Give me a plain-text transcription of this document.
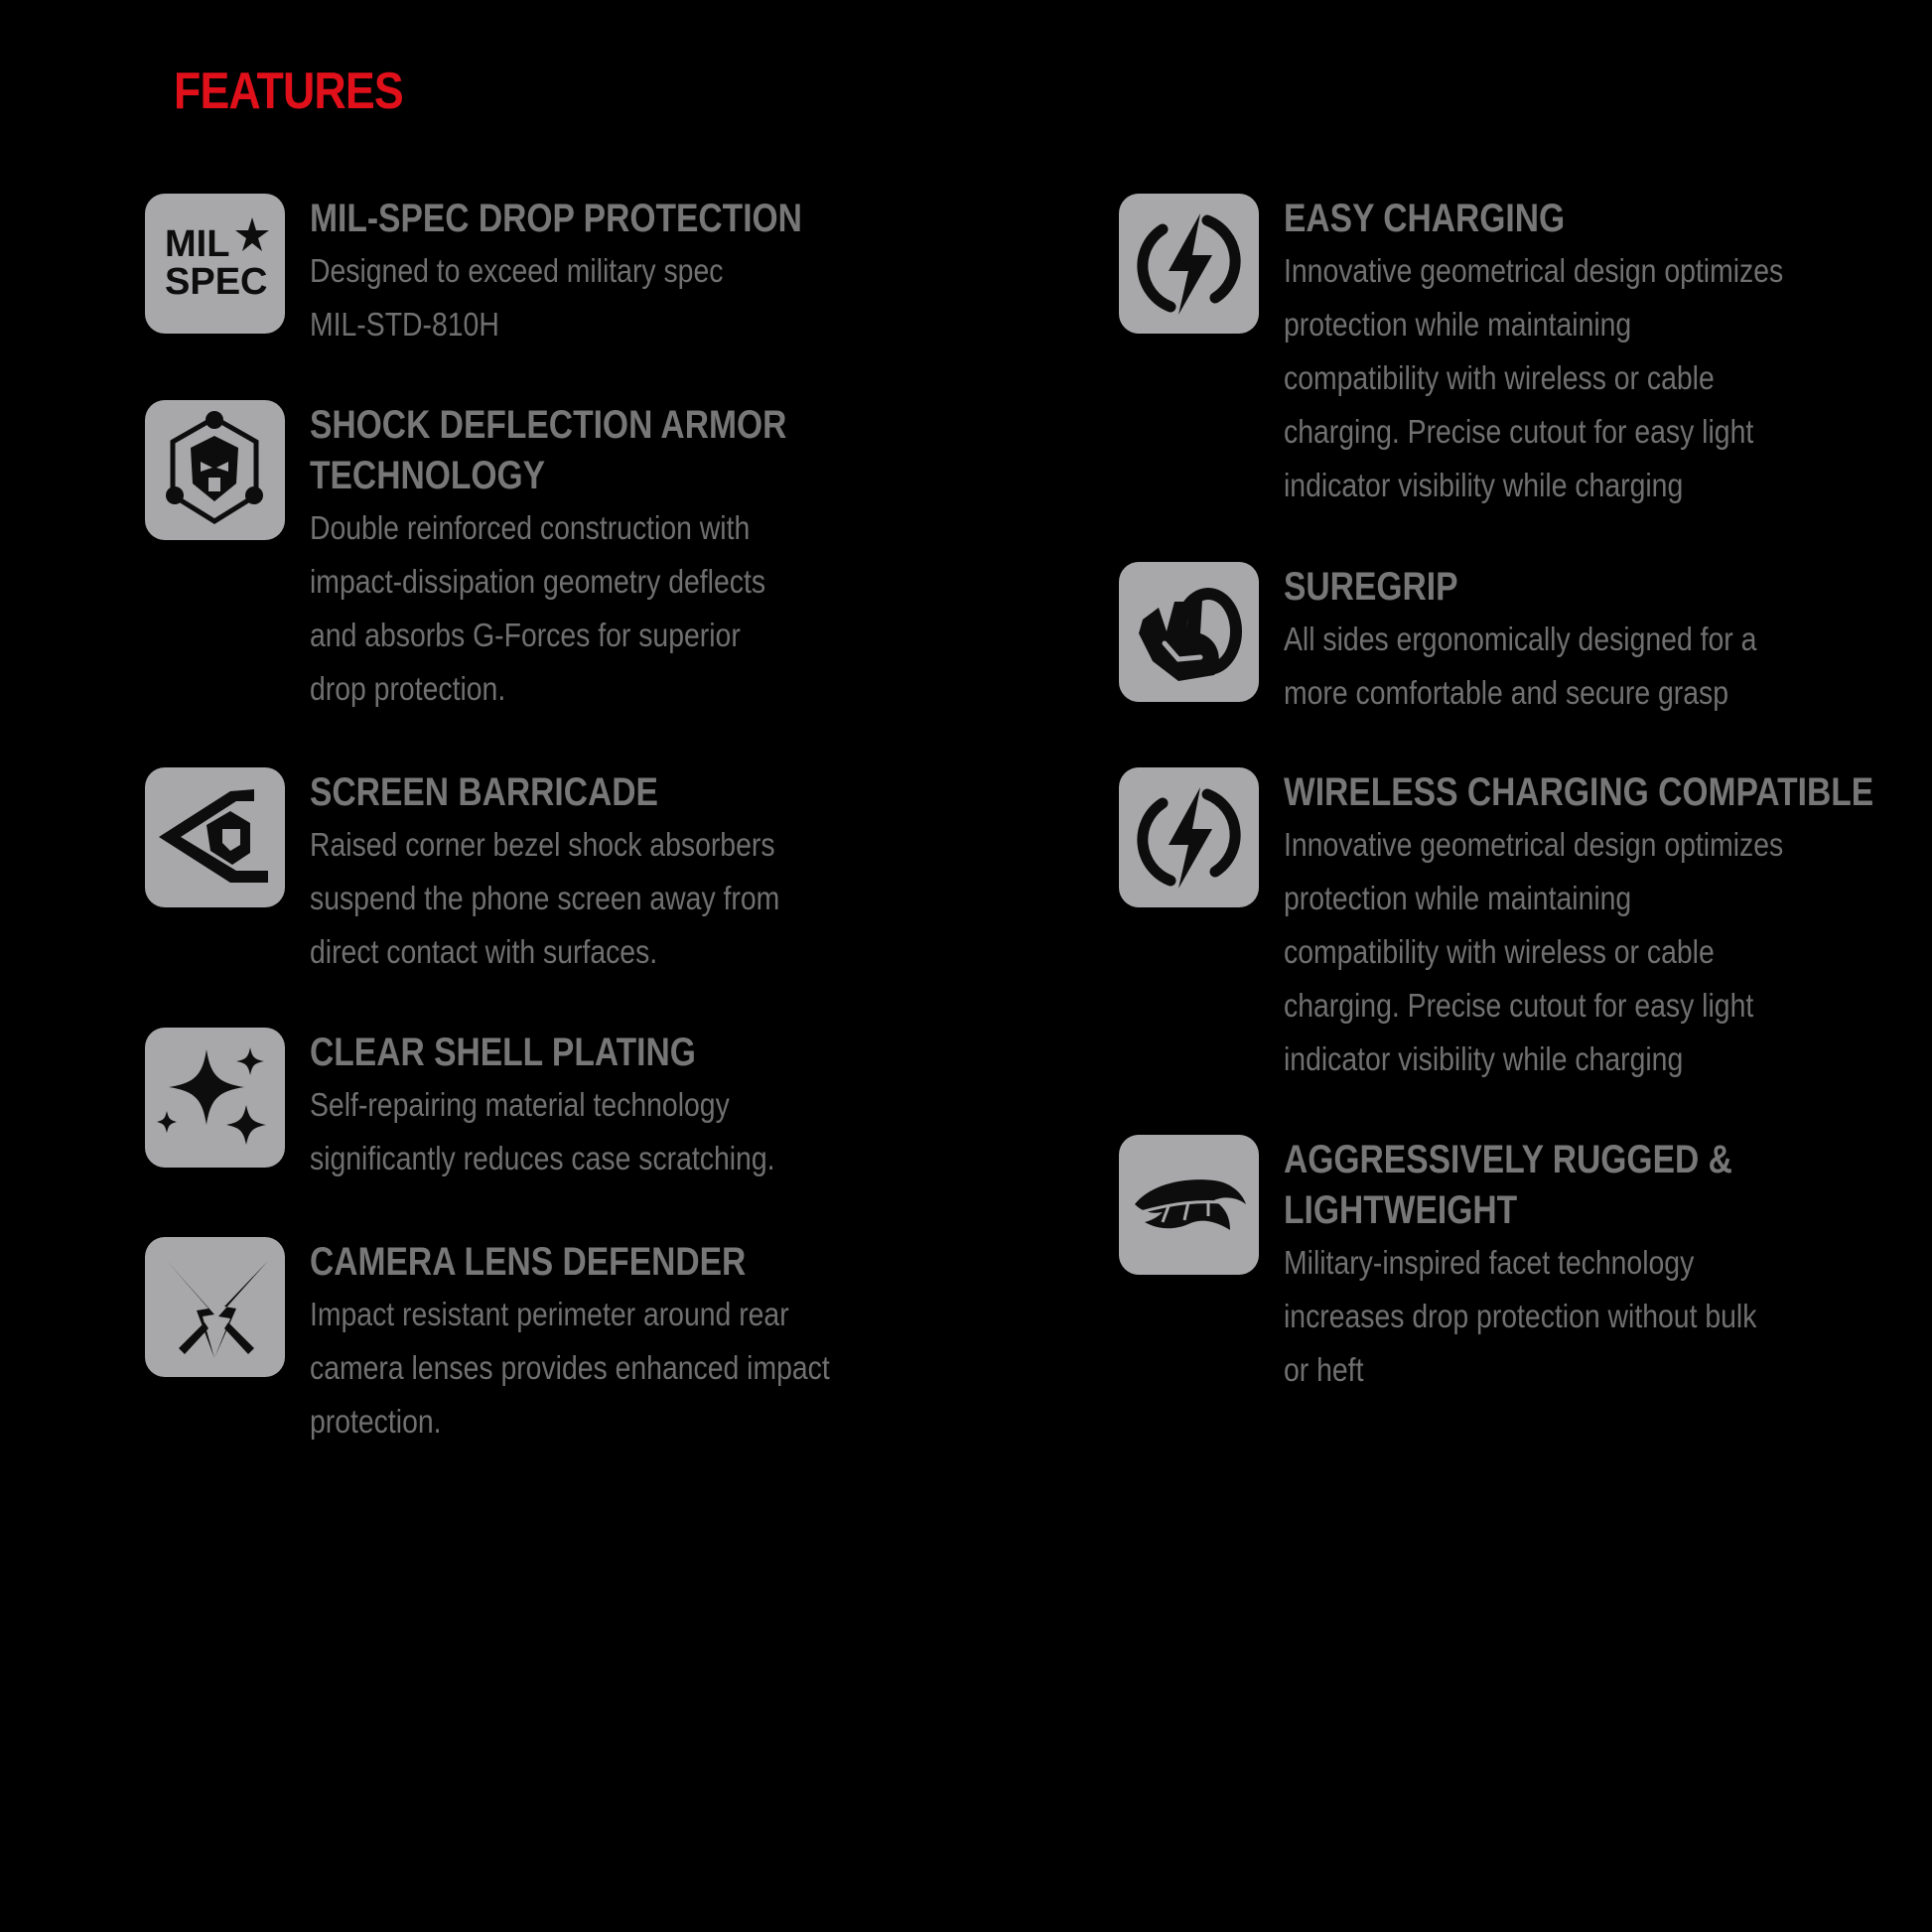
FEATURES
MIL
SPEC
MIL-SPEC DROP PROTECTION

Designed to exceed military spec
MIL-STD-810H

SHOCK DEFLECTION ARMOR
TECHNOLOGY

Double reinforced construction with
impact-dissipation geometry deflects
and absorbs G-Forces for superior
drop protection.

SCREEN BARRICADE

Raised corner bezel shock absorbers
suspend the phone screen away from
direct contact with surfaces.

CLEAR SHELL PLATING

Self-repairing material technology
significantly reduces case scratching.

CAMERA LENS DEFENDER

Impact resistant perimeter around rear
camera lenses provides enhanced impact
protection.

EASY CHARGING

Innovative geometrical design optimizes
protection while maintaining
compatibility with wireless or cable
charging. Precise cutout for easy light
indicator visibility while charging

SUREGRIP

All sides ergonomically designed for a
more comfortable and secure grasp

WIRELESS CHARGING COMPATIBLE

Innovative geometrical design optimizes
protection while maintaining
compatibility with wireless or cable
charging. Precise cutout for easy light
indicator visibility while charging

AGGRESSIVELY RUGGED &
LIGHTWEIGHT

Military-inspired facet technology
increases drop protection without bulk
or heft
